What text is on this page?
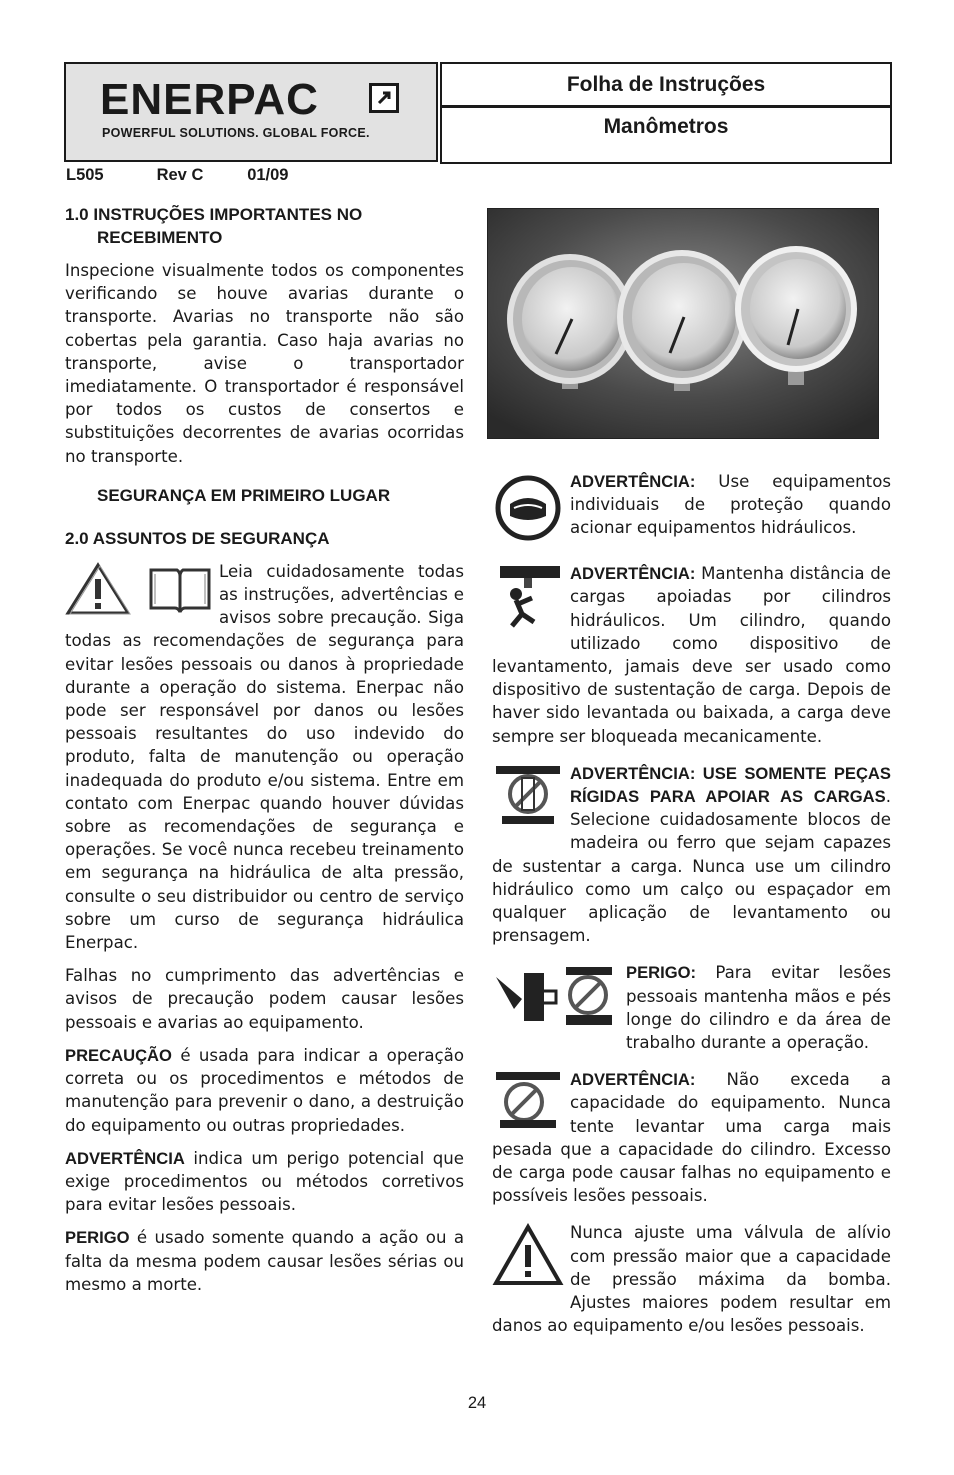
ENERPAC
POWERFUL SOLUTIONS. GLOBAL FORCE.
Folha de Instruções
Manômetros
L505	Rev C	01/09
1.0 INSTRUÇÕES IMPORTANTES NO
RECEBIMENTO

Inspecione visualmente todos os componentes verificando se houve avarias durante o transporte. Avarias no transporte não são cobertas pela garantia. Caso haja avarias no transporte, avise o transportador imediatamente. O transportador é responsável por todos os custos de consertos e substituições decorrentes de avarias ocorridas no transporte.

SEGURANÇA EM PRIMEIRO LUGAR
2.0 ASSUNTOS DE SEGURANÇA

Leia cuidadosamente todas as instruções, advertências e avisos sobre precaução. Siga todas as recomendações de segurança para evitar lesões pessoais ou danos à propriedade durante a operação do sistema. Enerpac não pode ser responsável por danos ou lesões pessoais resultantes do uso indevido do produto, falta de manutenção ou operação inadequada do produto e/ou sistema. Entre em contato com Enerpac quando houver dúvidas sobre as recomendações de segurança e operações. Se você nunca recebeu treinamento em segurança na hidráulica de alta pressão, consulte o seu distribuidor ou centro de serviço sobre um curso de segurança hidráulica Enerpac.

Falhas no cumprimento das advertências e avisos de precaução podem causar lesões pessoais e avarias ao equipamento.

PRECAUÇÃO é usada para indicar a operação correta ou os procedimentos e métodos de manutenção para prevenir o dano, a destruição do equipamento ou outras propriedades.

ADVERTÊNCIA indica um perigo potencial que exige procedimentos ou métodos corretivos para evitar lesões pessoais.

PERIGO é usado somente quando a ação ou a falta da mesma podem causar lesões sérias ou mesmo a morte.

ADVERTÊNCIA: Use equipamentos individuais de proteção quando acionar equipamentos hidráulicos.

ADVERTÊNCIA: Mantenha distância de cargas apoiadas por cilindros hidráulicos. Um cilindro, quando utilizado como dispositivo de levantamento, jamais deve ser usado como dispositivo de sustentação de carga. Depois de haver sido levantada ou baixada, a carga deve sempre ser bloqueada mecanicamente.

ADVERTÊNCIA: USE SOMENTE PEÇAS RÍGIDAS PARA APOIAR AS CARGAS. Selecione cuidadosamente blocos de madeira ou ferro que sejam capazes de sustentar a carga. Nunca use um cilindro hidráulico como um calço ou espaçador em qualquer aplicação de levantamento ou prensagem.

PERIGO: Para evitar lesões pessoais mantenha mãos e pés longe do cilindro e da área de trabalho durante a operação.

ADVERTÊNCIA: Não exceda a capacidade do equipamento. Nunca tente levantar uma carga mais pesada que a capacidade do cilindro. Excesso de carga pode causar falhas no equipamento e possíveis lesões pessoais.

Nunca ajuste uma válvula de alívio com pressão maior que a capacidade de pressão máxima da bomba. Ajustes maiores podem resultar em danos ao equipamento e/ou lesões pessoais.

24
